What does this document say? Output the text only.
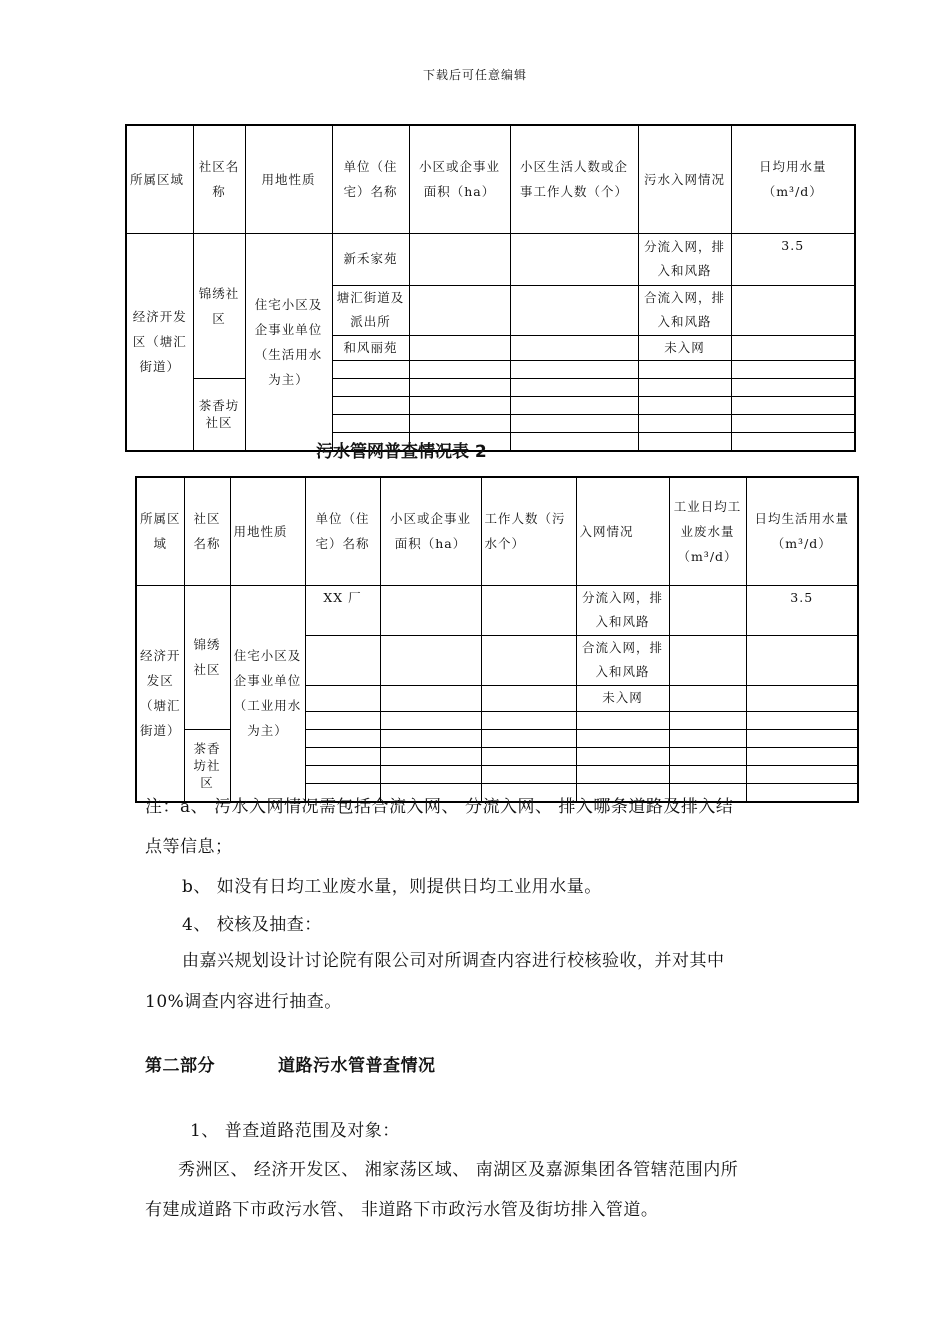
下载后可任意编辑
所属区域	社区名称	用地性质	单位（住宅）名称	小区或企事业面积（ha）	小区生活人数或企事工作人数（个）	污水入网情况	日均用水量（m³/d）
经济开发区（塘汇街道）	锦绣社区	住宅小区及企事业单位（生活用水为主）	新禾家苑			分流入网，排入和风路	3.5
			塘汇街道及派出所			合流入网，排入和风路	
			和风丽苑			未入网	

	茶香坊社区						

污水管网普查情况表 2
所属区域	社区名称	用地性质	单位（住宅）名称	小区或企事业面积（ha）	工作人数（污水个）	入网情况	工业日均工业废水量（m³/d）	日均生活用水量（m³/d）
经济开发区（塘汇街道）	锦绣社区	住宅小区及企事业单位（工业用水为主）	XX 厂			分流入网，排入和风路		3.5
						合流入网，排入和风路		
						未入网		

	茶香坊社区							

注：a、 污水入网情况需包括合流入网、 分流入网、 排入哪条道路及排入结
点等信息；
b、 如没有日均工业废水量，则提供日均工业用水量。
4、 校核及抽查：
由嘉兴规划设计讨论院有限公司对所调查内容进行校核验收，并对其中
10%调查内容进行抽查。
第二部分	道路污水管普查情况
1、 普查道路范围及对象：
秀洲区、 经济开发区、 湘家荡区域、 南湖区及嘉源集团各管辖范围内所
有建成道路下市政污水管、 非道路下市政污水管及街坊排入管道。
